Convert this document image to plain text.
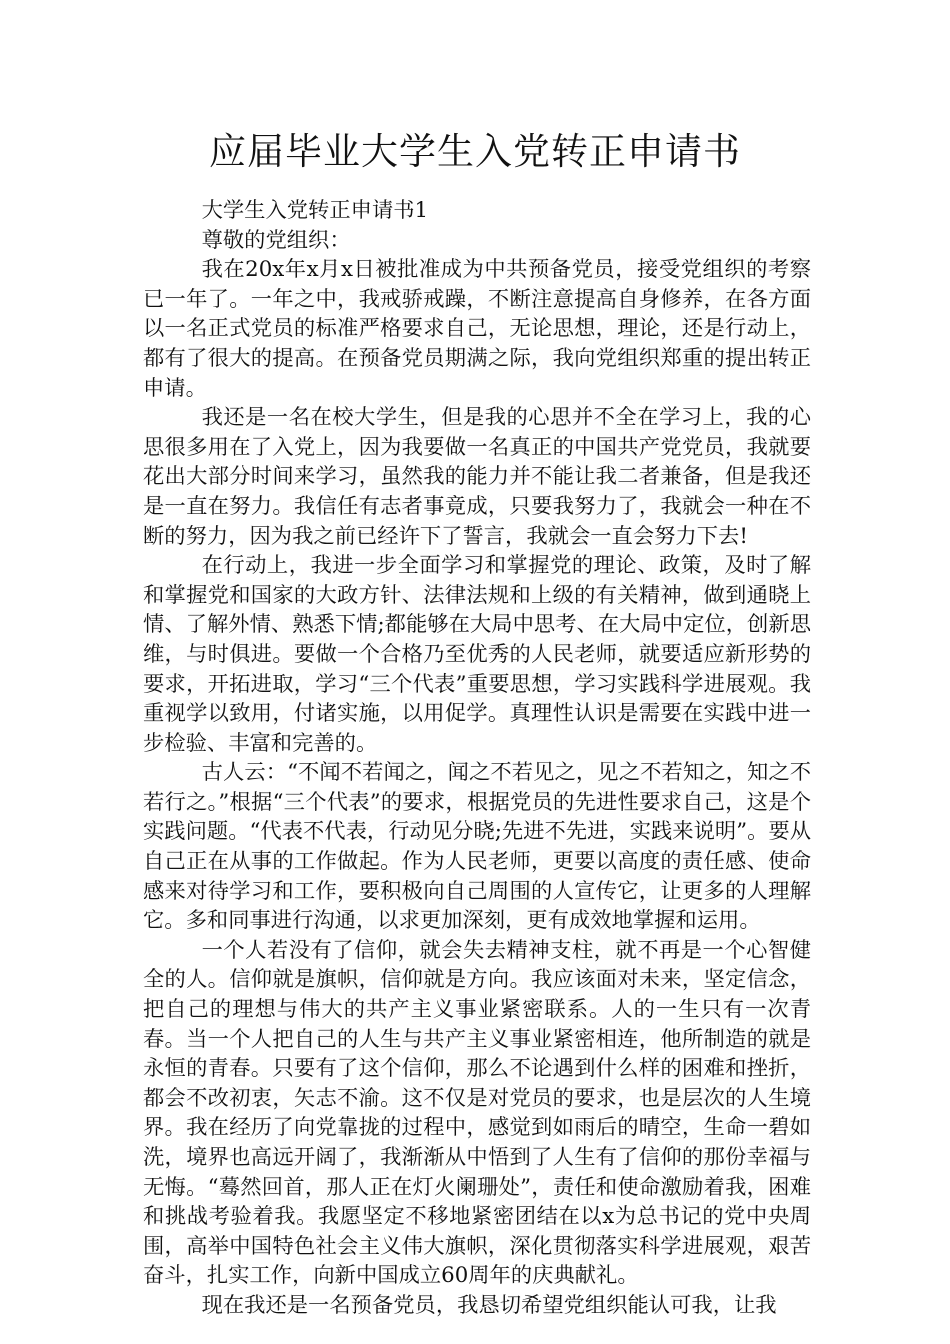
应届毕业大学生入党转正申请书

大学生入党转正申请书1

尊敬的党组织：

我在20x年x月x日被批准成为中共预备党员，接受党组织的考察已一年了。一年之中，我戒骄戒躁，不断注意提高自身修养，在各方面以一名正式党员的标准严格要求自己，无论思想，理论，还是行动上，都有了很大的提高。在预备党员期满之际，我向党组织郑重的提出转正申请。

我还是一名在校大学生，但是我的心思并不全在学习上，我的心思很多用在了入党上，因为我要做一名真正的中国共产党党员，我就要花出大部分时间来学习，虽然我的能力并不能让我二者兼备，但是我还是一直在努力。我信任有志者事竟成，只要我努力了，我就会一种在不断的努力，因为我之前已经许下了誓言，我就会一直会努力下去!

在行动上，我进一步全面学习和掌握党的理论、政策，及时了解和掌握党和国家的大政方针、法律法规和上级的有关精神，做到通晓上情、了解外情、熟悉下情;都能够在大局中思考、在大局中定位，创新思维，与时俱进。要做一个合格乃至优秀的人民老师，就要适应新形势的要求，开拓进取，学习“三个代表”重要思想，学习实践科学进展观。我重视学以致用，付诸实施，以用促学。真理性认识是需要在实践中进一步检验、丰富和完善的。

古人云：“不闻不若闻之，闻之不若见之，见之不若知之，知之不若行之。”根据“三个代表”的要求，根据党员的先进性要求自己，这是个实践问题。“代表不代表，行动见分晓;先进不先进，实践来说明”。要从自己正在从事的工作做起。作为人民老师，更要以高度的责任感、使命感来对待学习和工作，要积极向自己周围的人宣传它，让更多的人理解它。多和同事进行沟通，以求更加深刻，更有成效地掌握和运用。

一个人若没有了信仰，就会失去精神支柱，就不再是一个心智健全的人。信仰就是旗帜，信仰就是方向。我应该面对未来，坚定信念，把自己的理想与伟大的共产主义事业紧密联系。人的一生只有一次青春。当一个人把自己的人生与共产主义事业紧密相连，他所制造的就是永恒的青春。只要有了这个信仰，那么不论遇到什么样的困难和挫折，都会不改初衷，矢志不渝。这不仅是对党员的要求，也是层次的人生境界。我在经历了向党靠拢的过程中，感觉到如雨后的晴空，生命一碧如洗，境界也高远开阔了，我渐渐从中悟到了人生有了信仰的那份幸福与无悔。“蓦然回首，那人正在灯火阑珊处”，责任和使命激励着我，困难和挑战考验着我。我愿坚定不移地紧密团结在以x为总书记的党中央周围，高举中国特色社会主义伟大旗帜，深化贯彻落实科学进展观，艰苦奋斗，扎实工作，向新中国成立60周年的庆典献礼。

现在我还是一名预备党员，我恳切希望党组织能认可我，让我
